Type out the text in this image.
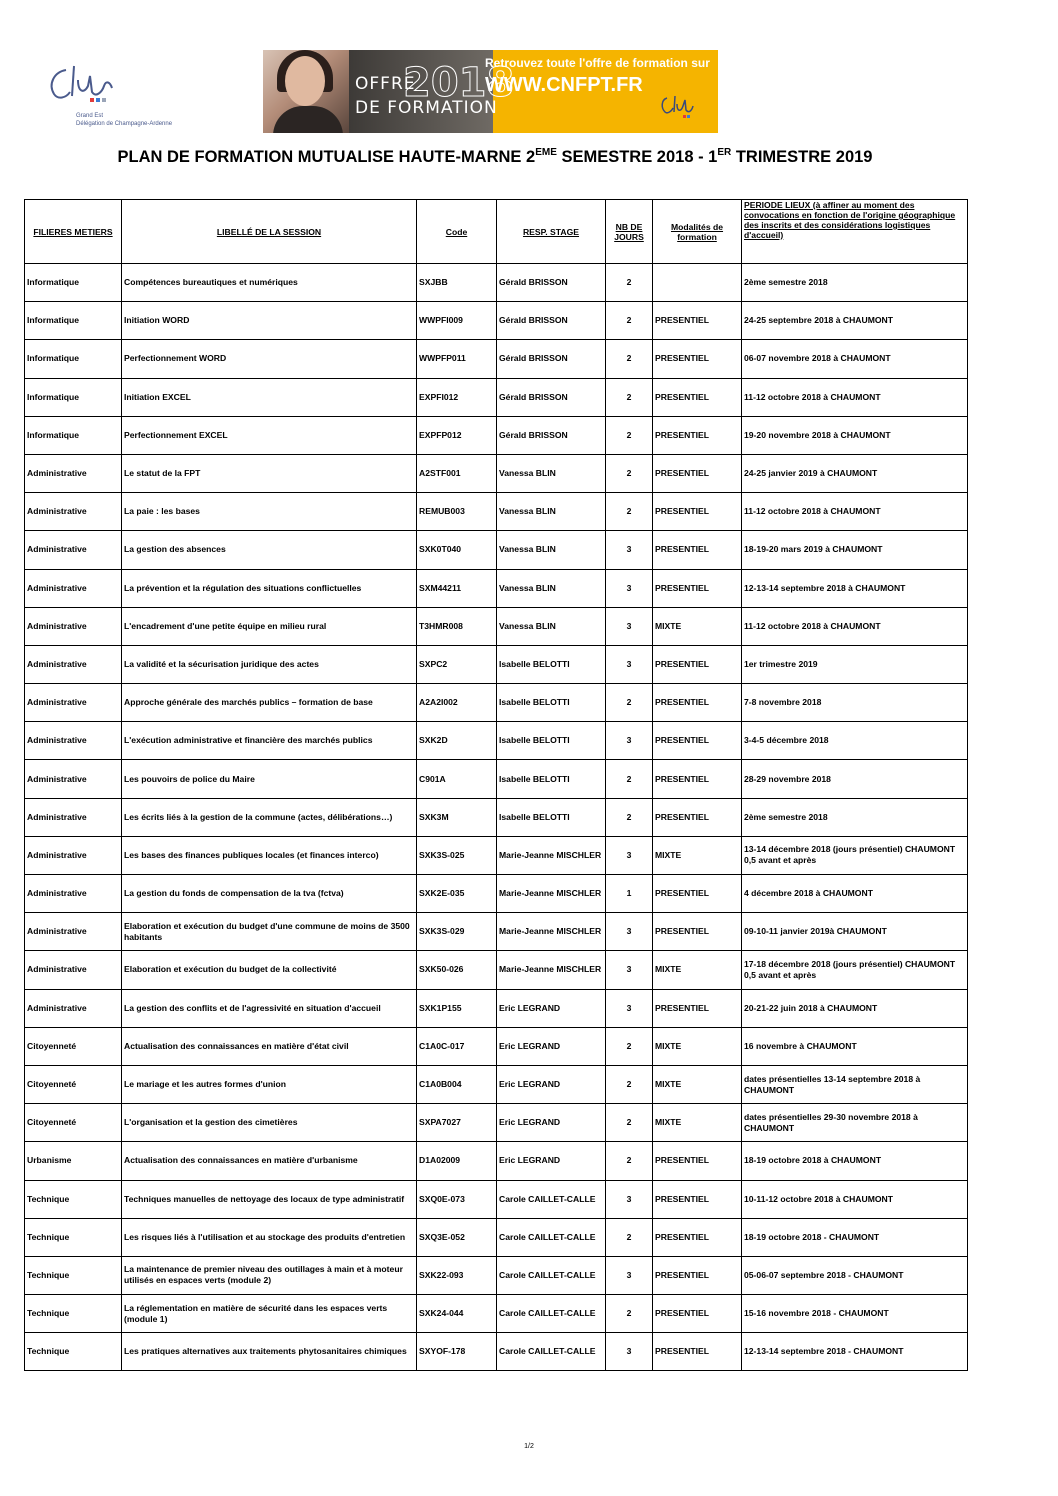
Grand Est
Délégation de Champagne-Ardenne
2018
OFFRE
DE FORMATION
Retrouvez toute l'offre de formation sur
WWW.CNFPT.FR
PLAN DE FORMATION MUTUALISE HAUTE-MARNE 2EME SEMESTRE 2018 - 1ER TRIMESTRE 2019
FILIERES METIERS	LIBELLÉ DE LA SESSION	Code	RESP. STAGE	NB DE JOURS	Modalités de formation	PERIODE LIEUX (à affiner au moment des convocations en fonction de l'origine géographique des inscrits et des considérations logistiques d'accueil)
Informatique	Compétences bureautiques et numériques	SXJBB	Gérald BRISSON	2		2ème semestre 2018
Informatique	Initiation WORD	WWPFI009	Gérald BRISSON	2	PRESENTIEL	24-25 septembre 2018 à CHAUMONT
Informatique	Perfectionnement WORD	WWPFP011	Gérald BRISSON	2	PRESENTIEL	06-07 novembre 2018 à CHAUMONT
Informatique	Initiation EXCEL	EXPFI012	Gérald BRISSON	2	PRESENTIEL	11-12 octobre 2018 à CHAUMONT
Informatique	Perfectionnement EXCEL	EXPFP012	Gérald BRISSON	2	PRESENTIEL	19-20 novembre 2018 à CHAUMONT
Administrative	Le statut de la FPT	A2STF001	Vanessa BLIN	2	PRESENTIEL	24-25 janvier 2019 à CHAUMONT
Administrative	La paie : les bases	REMUB003	Vanessa BLIN	2	PRESENTIEL	11-12 octobre 2018 à CHAUMONT
Administrative	La gestion des absences	SXK0T040	Vanessa BLIN	3	PRESENTIEL	18-19-20 mars 2019 à CHAUMONT
Administrative	La prévention et la régulation des situations conflictuelles	SXM44211	Vanessa BLIN	3	PRESENTIEL	12-13-14 septembre 2018 à CHAUMONT
Administrative	L'encadrement d'une petite équipe en milieu rural	T3HMR008	Vanessa BLIN	3	MIXTE	11-12 octobre 2018 à CHAUMONT
Administrative	La validité et la sécurisation juridique des actes	SXPC2	Isabelle BELOTTI	3	PRESENTIEL	1er trimestre 2019
Administrative	Approche générale des marchés publics – formation de base	A2A2I002	Isabelle BELOTTI	2	PRESENTIEL	7-8 novembre 2018
Administrative	L'exécution administrative et financière des marchés publics	SXK2D	Isabelle BELOTTI	3	PRESENTIEL	3-4-5 décembre 2018
Administrative	Les pouvoirs de police du Maire	C901A	Isabelle BELOTTI	2	PRESENTIEL	28-29 novembre 2018
Administrative	Les écrits liés à la gestion de la commune (actes, délibérations…)	SXK3M	Isabelle BELOTTI	2	PRESENTIEL	2ème semestre 2018
Administrative	Les bases des finances publiques locales (et finances interco)	SXK3S-025	Marie-Jeanne MISCHLER	3	MIXTE	13-14 décembre 2018 (jours présentiel) CHAUMONT 0,5 avant et après
Administrative	La gestion du fonds de compensation de la tva (fctva)	SXK2E-035	Marie-Jeanne MISCHLER	1	PRESENTIEL	4 décembre 2018 à CHAUMONT
Administrative	Elaboration et exécution du budget d'une commune de moins de 3500 habitants	SXK3S-029	Marie-Jeanne MISCHLER	3	PRESENTIEL	09-10-11 janvier 2019à CHAUMONT
Administrative	Elaboration et exécution du budget de la collectivité	SXK50-026	Marie-Jeanne MISCHLER	3	MIXTE	17-18 décembre 2018 (jours présentiel) CHAUMONT 0,5 avant et après
Administrative	La gestion des conflits et de l'agressivité en situation d'accueil	SXK1P155	Eric LEGRAND	3	PRESENTIEL	20-21-22 juin 2018 à CHAUMONT
Citoyenneté	Actualisation des connaissances en matière d'état civil	C1A0C-017	Eric LEGRAND	2	MIXTE	16 novembre à CHAUMONT
Citoyenneté	Le mariage et les autres formes d'union	C1A0B004	Eric LEGRAND	2	MIXTE	dates présentielles 13-14 septembre 2018 à CHAUMONT
Citoyenneté	L'organisation et la gestion des cimetières	SXPA7027	Eric LEGRAND	2	MIXTE	dates présentielles 29-30 novembre 2018 à CHAUMONT
Urbanisme	Actualisation des connaissances en matière d'urbanisme	D1A02009	Eric LEGRAND	2	PRESENTIEL	18-19 octobre 2018 à CHAUMONT
Technique	Techniques manuelles de nettoyage des locaux de type administratif	SXQ0E-073	Carole CAILLET-CALLE	3	PRESENTIEL	10-11-12 octobre 2018 à CHAUMONT
Technique	Les risques liés à l'utilisation et au stockage des produits d'entretien	SXQ3E-052	Carole CAILLET-CALLE	2	PRESENTIEL	18-19 octobre 2018 - CHAUMONT
Technique	La maintenance de premier niveau des outillages à main et à moteur utilisés en espaces verts (module 2)	SXK22-093	Carole CAILLET-CALLE	3	PRESENTIEL	05-06-07 septembre 2018 - CHAUMONT
Technique	La réglementation en matière de sécurité dans les espaces verts (module 1)	SXK24-044	Carole CAILLET-CALLE	2	PRESENTIEL	15-16 novembre 2018 - CHAUMONT
Technique	Les pratiques alternatives aux traitements phytosanitaires chimiques	SXYOF-178	Carole CAILLET-CALLE	3	PRESENTIEL	12-13-14 septembre 2018 - CHAUMONT
1/2
